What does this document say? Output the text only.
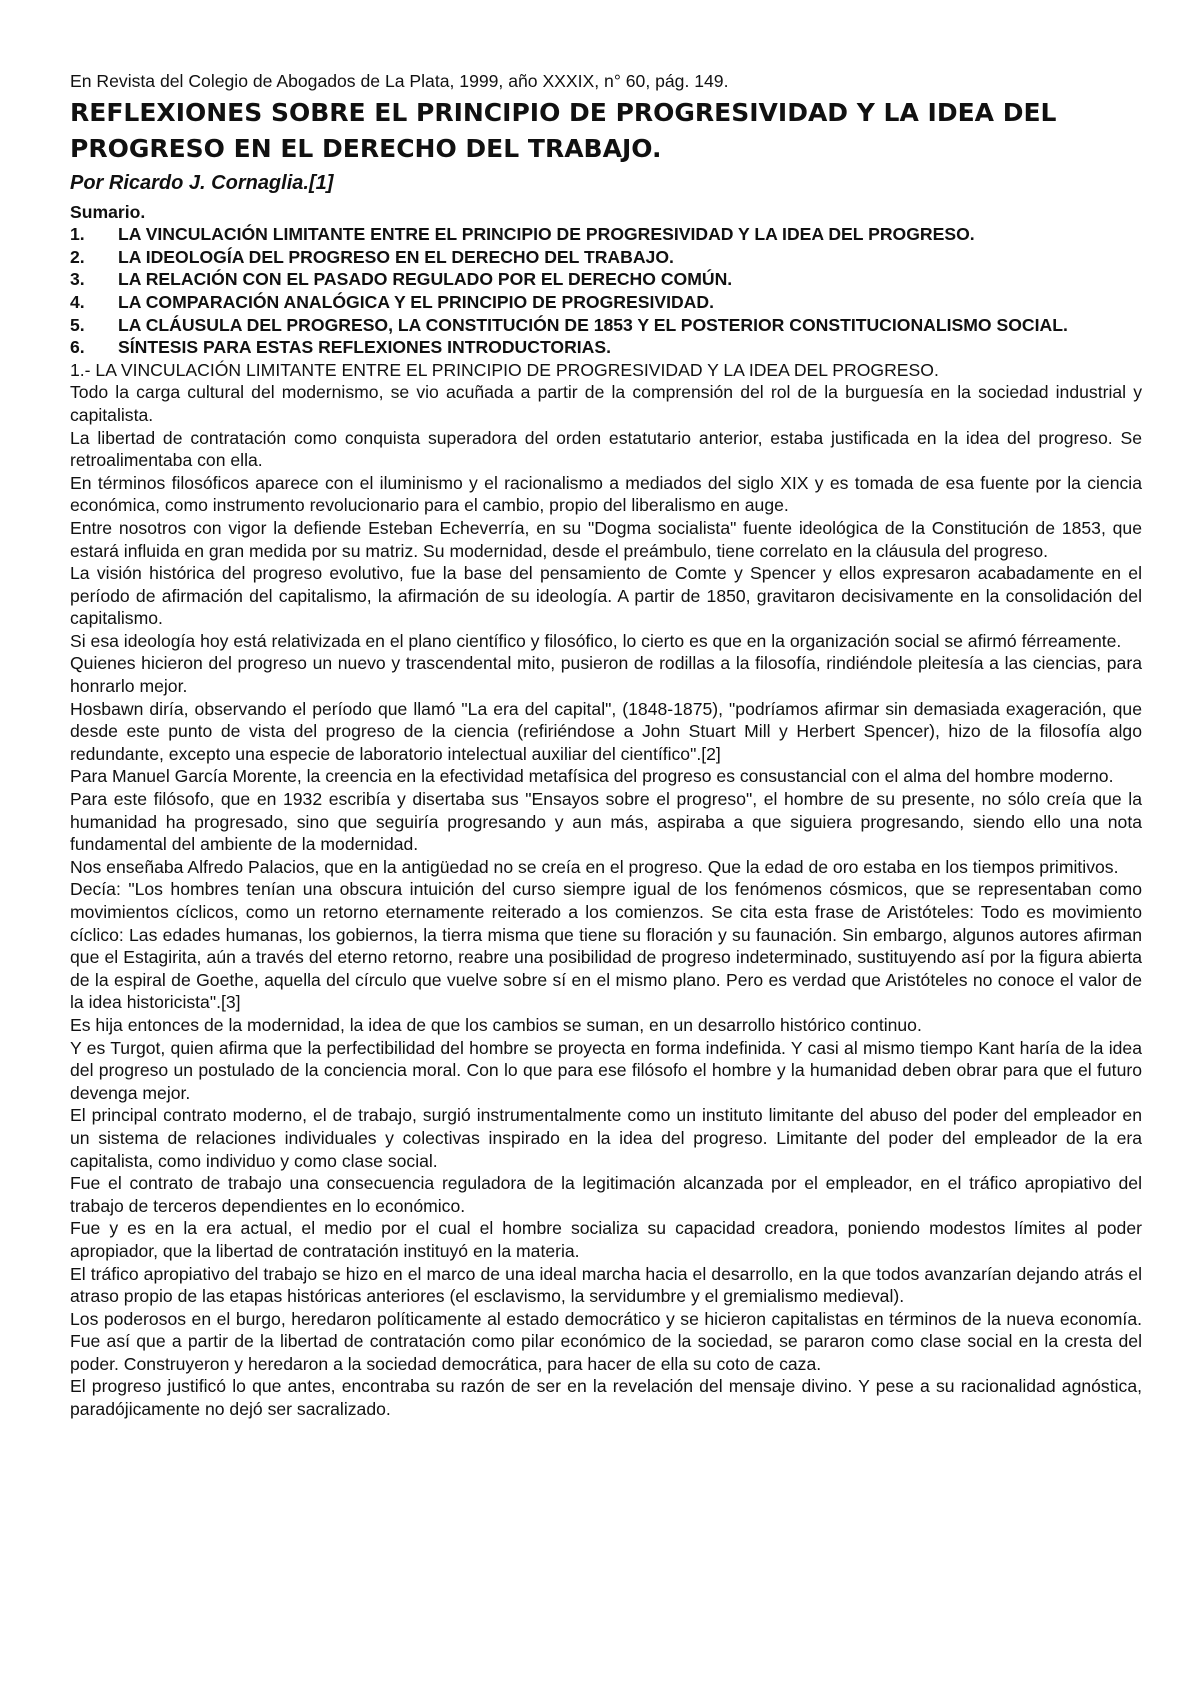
En Revista del Colegio de Abogados de La Plata, 1999, año XXXIX, n° 60, pág. 149.

REFLEXIONES SOBRE EL PRINCIPIO DE PROGRESIVIDAD Y LA IDEA DEL PROGRESO EN EL DERECHO DEL TRABAJO.

Por Ricardo J. Cornaglia.[1]

Sumario.

1. LA VINCULACIÓN LIMITANTE ENTRE EL PRINCIPIO DE PROGRESIVIDAD Y LA IDEA DEL PROGRESO.
2. LA IDEOLOGÍA DEL PROGRESO EN EL DERECHO DEL TRABAJO.
3. LA RELACIÓN CON EL PASADO REGULADO POR EL DERECHO COMÚN.
4. LA COMPARACIÓN ANALÓGICA Y EL PRINCIPIO DE PROGRESIVIDAD.
5. LA CLÁUSULA DEL PROGRESO, LA CONSTITUCIÓN DE 1853 Y EL POSTERIOR CONSTITUCIONALISMO SOCIAL.
6. SÍNTESIS PARA ESTAS REFLEXIONES INTRODUCTORIAS.

1.- LA VINCULACIÓN LIMITANTE ENTRE EL PRINCIPIO DE PROGRESIVIDAD Y LA IDEA DEL PROGRESO.

Todo la carga cultural del modernismo, se vio acuñada a partir de la comprensión del rol de la burguesía en la sociedad industrial y capitalista.

La libertad de contratación como conquista superadora del orden estatutario anterior, estaba justificada en la idea del progreso. Se retroalimentaba con ella.

En términos filosóficos aparece con el iluminismo y el racionalismo a mediados del siglo XIX y es tomada de esa fuente por la ciencia económica, como instrumento revolucionario para el cambio, propio del liberalismo en auge.

Entre nosotros con vigor la defiende Esteban Echeverría, en su "Dogma socialista" fuente ideológica de la Constitución de 1853, que estará influida en gran medida por su matriz. Su modernidad, desde el preámbulo, tiene correlato en la cláusula del progreso.

La visión histórica del progreso evolutivo, fue la base del pensamiento de Comte y Spencer y ellos expresaron acabadamente en el período de afirmación del capitalismo, la afirmación de su ideología. A partir de 1850, gravitaron decisivamente en la consolidación del capitalismo.

Si esa ideología hoy está relativizada en el plano científico y filosófico, lo cierto es que en la organización social se afirmó férreamente.

Quienes hicieron del progreso un nuevo y trascendental mito, pusieron de rodillas a la filosofía, rindiéndole pleitesía a las ciencias, para honrarlo mejor.

Hosbawn diría, observando el período que llamó "La era del capital", (1848-1875), "podríamos afirmar sin demasiada exageración, que desde este punto de vista del progreso de la ciencia (refiriéndose a John Stuart Mill y Herbert Spencer), hizo de la filosofía algo redundante, excepto una especie de laboratorio intelectual auxiliar del científico".[2]

Para Manuel García Morente, la creencia en la efectividad metafísica del progreso es consustancial con el alma del hombre moderno.

Para este filósofo, que en 1932 escribía y disertaba sus "Ensayos sobre el progreso", el hombre de su presente, no sólo creía que la humanidad ha progresado, sino que seguiría progresando y aun más, aspiraba a que siguiera progresando, siendo ello una nota fundamental del ambiente de la modernidad.

Nos enseñaba Alfredo Palacios, que en la antigüedad no se creía en el progreso. Que la edad de oro estaba en los tiempos primitivos.

Decía: "Los hombres tenían una obscura intuición del curso siempre igual de los fenómenos cósmicos, que se representaban como movimientos cíclicos, como un retorno eternamente reiterado a los comienzos. Se cita esta frase de Aristóteles: Todo es movimiento cíclico: Las edades humanas, los gobiernos, la tierra misma que tiene su floración y su faunación. Sin embargo, algunos autores afirman que el Estagirita, aún a través del eterno retorno, reabre una posibilidad de progreso indeterminado, sustituyendo así por la figura abierta de la espiral de Goethe, aquella del círculo que vuelve sobre sí en el mismo plano. Pero es verdad que Aristóteles no conoce el valor de la idea historicista".[3]

Es hija entonces de la modernidad, la idea de que los cambios se suman, en un desarrollo histórico continuo.

Y es Turgot, quien afirma que la perfectibilidad del hombre se proyecta en forma indefinida. Y casi al mismo tiempo Kant haría de la idea del progreso un postulado de la conciencia moral. Con lo que para ese filósofo el hombre y la humanidad deben obrar para que el futuro devenga mejor.

El principal contrato moderno, el de trabajo, surgió instrumentalmente como un instituto limitante del abuso del poder del empleador en un sistema de relaciones individuales y colectivas inspirado en la idea del progreso. Limitante del poder del empleador de la era capitalista, como individuo y como clase social.

Fue el contrato de trabajo una consecuencia reguladora de la legitimación alcanzada por el empleador, en el tráfico apropiativo del trabajo de terceros dependientes en lo económico.

Fue y es en la era actual, el medio por el cual el hombre socializa su capacidad creadora, poniendo modestos límites al poder apropiador, que la libertad de contratación instituyó en la materia.

El tráfico apropiativo del trabajo se hizo en el marco de una ideal marcha hacia el desarrollo, en la que todos avanzarían dejando atrás el atraso propio de las etapas históricas anteriores (el esclavismo, la servidumbre y el gremialismo medieval).

Los poderosos en el burgo, heredaron políticamente al estado democrático y se hicieron capitalistas en términos de la nueva economía. Fue así que a partir de la libertad de contratación como pilar económico de la sociedad, se pararon como clase social en la cresta del poder. Construyeron y heredaron a la sociedad democrática, para hacer de ella su coto de caza.

El progreso justificó lo que antes, encontraba su razón de ser en la revelación del mensaje divino. Y pese a su racionalidad agnóstica, paradójicamente no dejó ser sacralizado.
